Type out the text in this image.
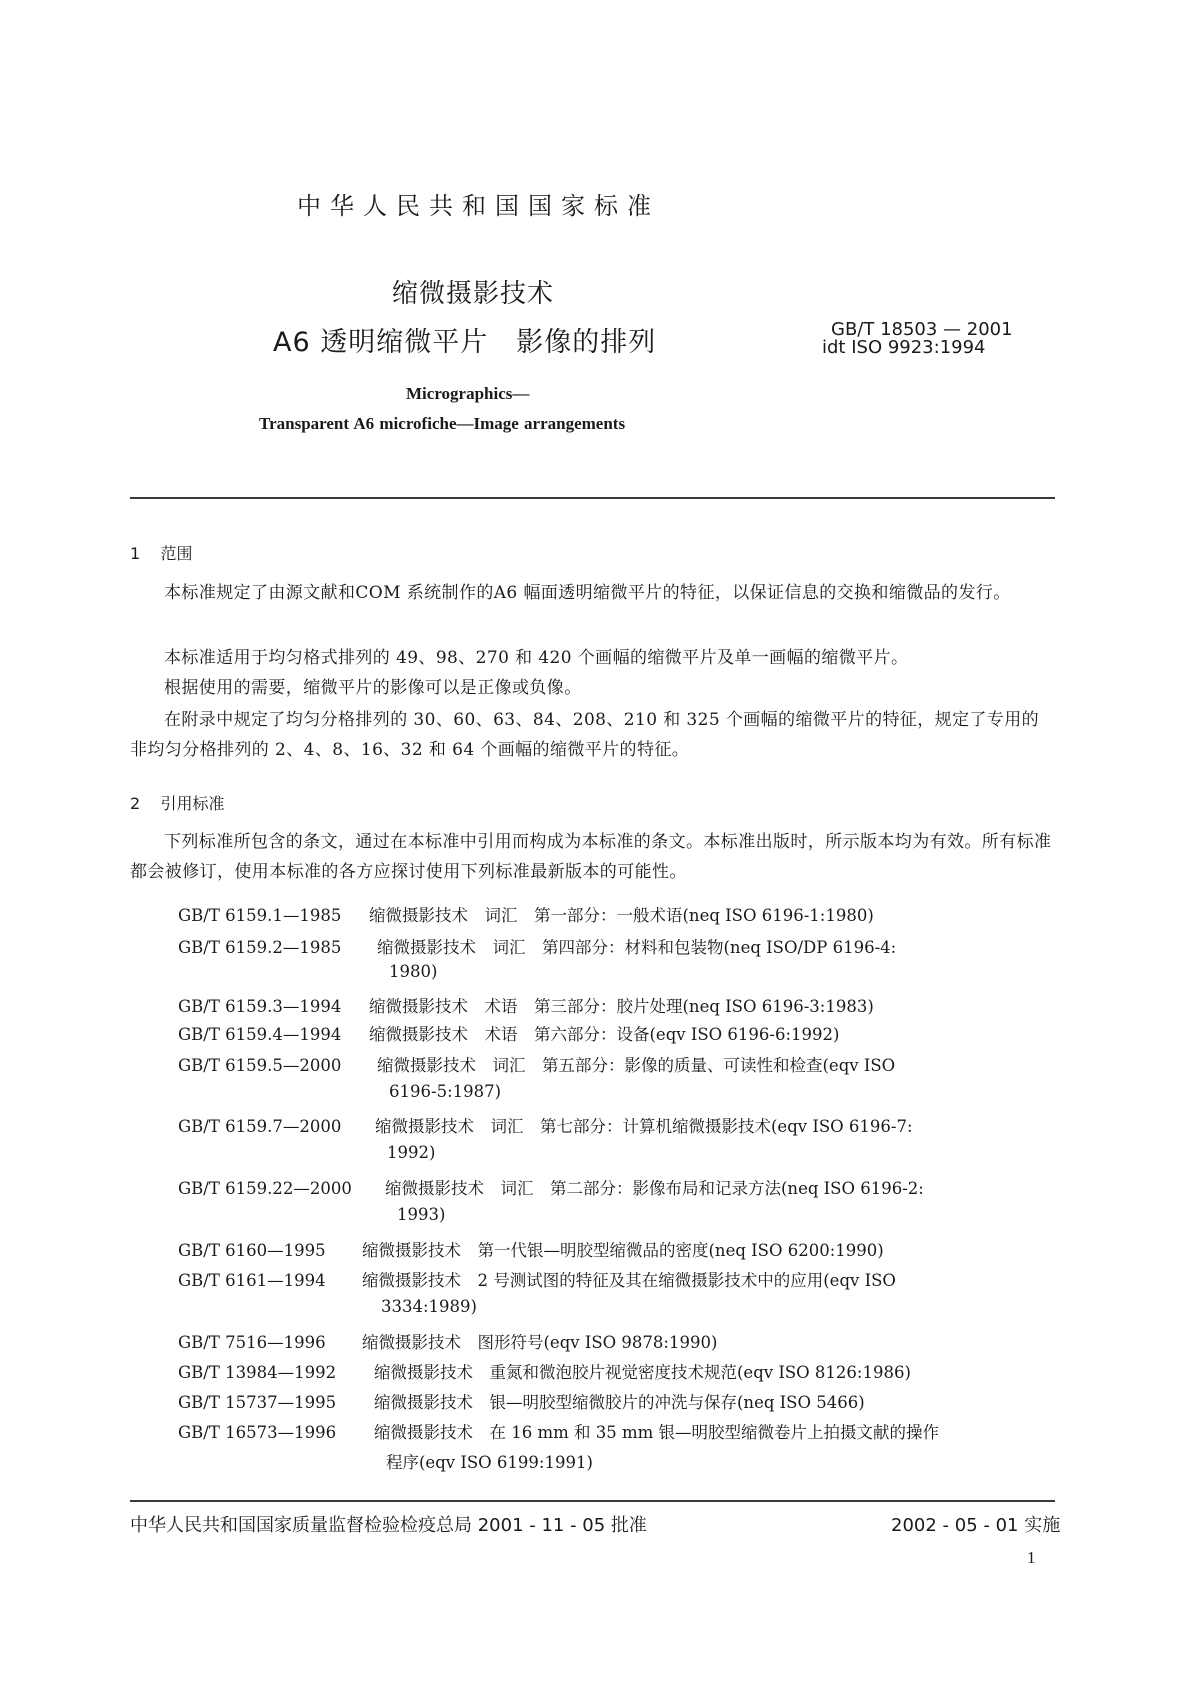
中华人民共和国国家标准
缩微摄影技术
A6 透明缩微平片　影像的排列	GB/T 18503 — 2001
idt ISO 9923:1994
Micrographics—
Transparent A6 microfiche—Image arrangements
1 范围
本标准规定了由源文献和COM 系统制作的A6 幅面透明缩微平片的特征，以保证信息的交换和缩微品的发行。
本标准适用于均匀格式排列的 49、98、270 和 420 个画幅的缩微平片及单一画幅的缩微平片。
根据使用的需要，缩微平片的影像可以是正像或负像。
在附录中规定了均匀分格排列的 30、60、63、84、208、210 和 325 个画幅的缩微平片的特征，规定了专用的非均匀分格排列的 2、4、8、16、32 和 64 个画幅的缩微平片的特征。
2 引用标准
下列标准所包含的条文，通过在本标准中引用而构成为本标准的条文。本标准出版时，所示版本均为有效。所有标准都会被修订，使用本标准的各方应探讨使用下列标准最新版本的可能性。
GB/T 6159.1—1985 缩微摄影技术　词汇　第一部分：一般术语(neq ISO 6196-1:1980)
GB/T 6159.2—1985 缩微摄影技术　词汇　第四部分：材料和包装物(neq ISO/DP 6196-4:
1980)
GB/T 6159.3—1994 缩微摄影技术　术语　第三部分：胶片处理(neq ISO 6196-3:1983)
GB/T 6159.4—1994 缩微摄影技术　术语　第六部分：设备(eqv ISO 6196-6:1992)
GB/T 6159.5—2000 缩微摄影技术　词汇　第五部分：影像的质量、可读性和检查(eqv ISO
6196-5:1987)
GB/T 6159.7—2000 缩微摄影技术　词汇　第七部分：计算机缩微摄影技术(eqv ISO 6196-7:
1992)
GB/T 6159.22—2000 缩微摄影技术　词汇　第二部分：影像布局和记录方法(neq ISO 6196-2:
1993)
GB/T 6160—1995 缩微摄影技术　第一代银—明胶型缩微品的密度(neq ISO 6200:1990)
GB/T 6161—1994 缩微摄影技术　2 号测试图的特征及其在缩微摄影技术中的应用(eqv ISO
3334:1989)
GB/T 7516—1996 缩微摄影技术　图形符号(eqv ISO 9878:1990)
GB/T 13984—1992 缩微摄影技术　重氮和微泡胶片视觉密度技术规范(eqv ISO 8126:1986)
GB/T 15737—1995 缩微摄影技术　银—明胶型缩微胶片的冲洗与保存(neq ISO 5466)
GB/T 16573—1996 缩微摄影技术　在 16 mm 和 35 mm 银—明胶型缩微卷片上拍摄文献的操作
程序(eqv ISO 6199:1991)
中华人民共和国国家质量监督检验检疫总局 2001 - 11 - 05 批准	2002 - 05 - 01 实施
1
